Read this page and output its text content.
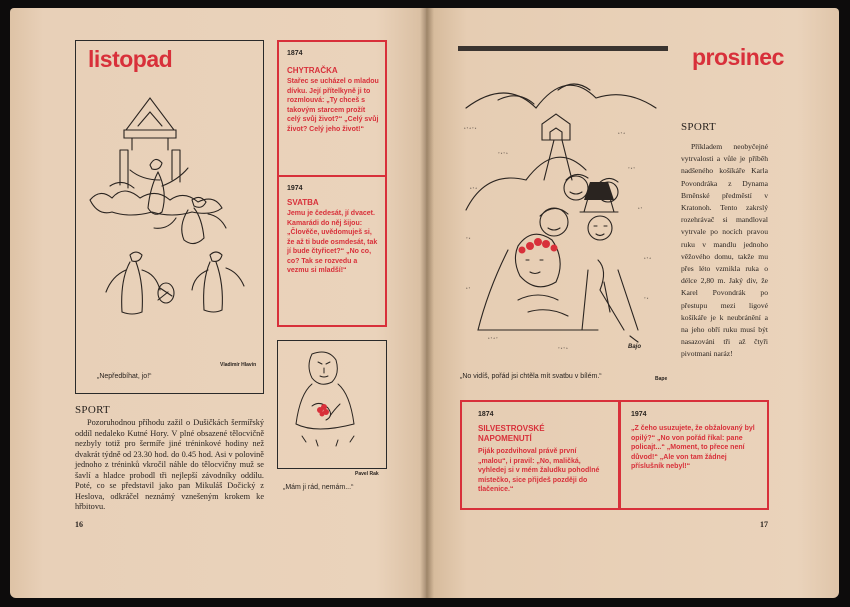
listopad
„Nepředbíhat, jo!“
Vladimír Hlavín
1874
CHYTRAČKA
Stařec se ucházel o mladou dívku. Její přítelkyně ji to rozmlouvá: „Ty chceš s takovým starcem prožít celý svůj život?“ „Celý svůj život? Celý jeho život!“
1974
SVATBA
Jemu je čedesát, jí dvacet. Kamarádi do něj šijou: „Člověče, uvědomuješ si, že až ti bude osmdesát, tak jí bude čtyřicet?“ „No co, co? Tak se rozvedu a vezmu si mladší!“
Pavel Rak
„Mám ji rád, nemám...“
SPORT
Pozoruhodnou příhodu zažil o Dušičkách šermířský oddíl nedaleko Kutné Hory. V plné obsazené tělocvičně nezbyly totiž pro šermíře jiné tréninkové hodiny než dvakrát týdně od 23.30 hod. do 0.45 hod. Asi v polovině jednoho z tréninků vkročil náhle do tělocvičny muž se šavlí a hladce probodl tři nejlepší závodníky oddílu. Poté, co se představil jako pan Mikuláš Dočický z Heslova, odkráčel neznámý vznešeným krokem ke hřbitovu.
16
prosinec
* ° * ° *
° * ° *
* ° *
° * °
* ° *
* °
° *
* ° *
* °
° *
* ° * °
° * ° *	Bajo
„No vidíš, pořád jsi chtěla mít svatbu v bílém.“	Bape
SPORT
Příkladem neobyčejné vytrvalosti a vůle je příběh nadšeného košíkáře Karla Povondráka z Dynama Brněnské předměstí v Kratonoh. Tento zakrslý rozehrávač si mandloval vytrvale po nocích pravou ruku v mandlu jednoho věžového domu, takže mu přes léto vzmikla ruka o délce 2,80 m. Jaký div, že Karel Povondrák po přestupu mezi ligové košíkáře je k neubránění a na jeho obří ruku musí být nasazováni tři až čtyři pivotmani naráz!
1874
SILVESTROVSKÉ NAPOMENUTÍ
Piják pozdvihoval právě první „malou“, i pravil: „No, maličká, vyhledej si v mém žaludku pohodlné místečko, sice přijdeš později do tlačenice.“
1974
„Z čeho usuzujete, že obžalovaný byl opilý?“ „No von pořád říkal: pane policajt...“ „Moment, to přece není důvod!“ „Ale von tam žádnej příslušník nebyl!“
17
